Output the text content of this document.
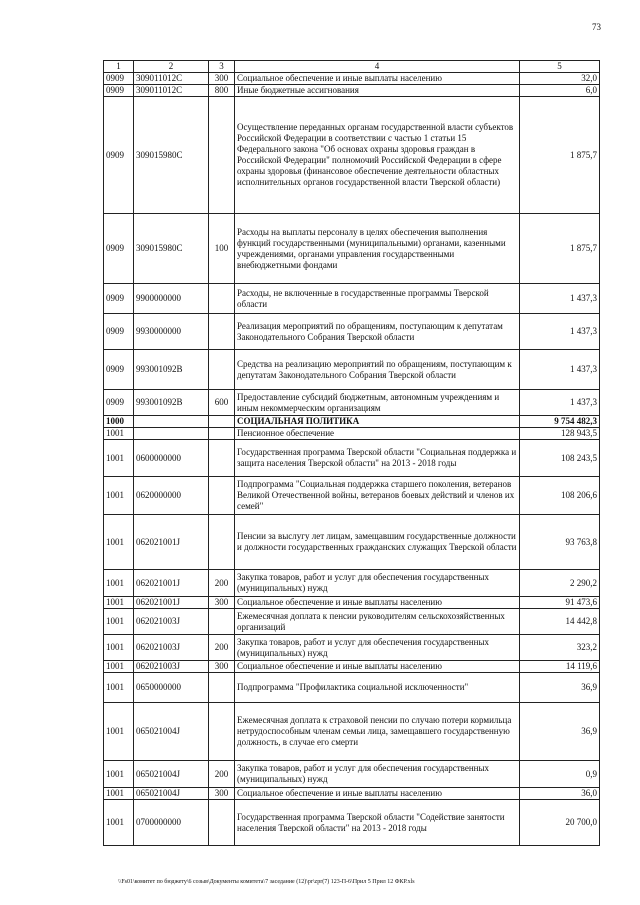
73
1	2	3	4	5
0909	309011012С	300	Социальное обеспечение и иные выплаты населению	32,0
0909	309011012С	800	Иные бюджетные ассигнования	6,0
0909	309015980С		Осуществление переданных органам государственной власти субъектов Российской Федерации в соответствии с частью 1 статьи 15 Федерального закона "Об основах охраны здоровья граждан в Российской Федерации" полномочий Российской Федерации в сфере охраны здоровья (финансовое обеспечение деятельности областных исполнительных органов государственной власти Тверской области)	1 875,7
0909	309015980С	100	Расходы на выплаты персоналу в целях обеспечения выполнения функций государственными (муниципальными) органами, казенными учреждениями, органами управления государственными внебюджетными фондами	1 875,7
0909	9900000000		Расходы, не включенные в государственные программы Тверской области	1 437,3
0909	9930000000		Реализация мероприятий по обращениям, поступающим к депутатам Законодательного Собрания Тверской области	1 437,3
0909	993001092В		Средства на реализацию мероприятий по обращениям, поступающим к депутатам Законодательного Собрания Тверской области	1 437,3
0909	993001092В	600	Предоставление субсидий бюджетным, автономным учреждениям и иным некоммерческим организациям	1 437,3
1000			СОЦИАЛЬНАЯ ПОЛИТИКА	9 754 482,3
1001			Пенсионное обеспечение	128 943,5
1001	0600000000		Государственная программа Тверской области "Социальная поддержка и защита населения Тверской области" на 2013 - 2018 годы	108 243,5
1001	0620000000		Подпрограмма "Социальная поддержка старшего поколения, ветеранов Великой Отечественной войны, ветеранов боевых действий и членов их семей"	108 206,6
1001	062021001J		Пенсии за выслугу лет лицам, замещавшим государственные должности и должности государственных гражданских служащих Тверской области	93 763,8
1001	062021001J	200	Закупка товаров, работ и услуг для обеспечения государственных (муниципальных) нужд	2 290,2
1001	062021001J	300	Социальное обеспечение и иные выплаты населению	91 473,6
1001	062021003J		Ежемесячная доплата к пенсии руководителям сельскохозяйственных организаций	14 442,8
1001	062021003J	200	Закупка товаров, работ и услуг для обеспечения государственных (муниципальных) нужд	323,2
1001	062021003J	300	Социальное обеспечение и иные выплаты населению	14 119,6
1001	0650000000		Подпрограмма "Профилактика социальной исключенности"	36,9
1001	065021004J		Ежемесячная доплата к страховой пенсии по случаю потери кормильца нетрудоспособным членам семьи лица, замещавшего государственную должность, в случае его смерти	36,9
1001	065021004J	200	Закупка товаров, работ и услуг для обеспечения государственных (муниципальных) нужд	0,9
1001	065021004J	300	Социальное обеспечение и иные выплаты населению	36,0
1001	0700000000		Государственная программа Тверской области "Содействие занятости населения Тверской области" на 2013 - 2018 годы	20 700,0
\\Fs01\комитет по бюджету\6 созыв\Документы комитета\7 заседание (12)\pr\zpr(7) 123-П-6\Прил 5 Прил 12 ФКР.xls
